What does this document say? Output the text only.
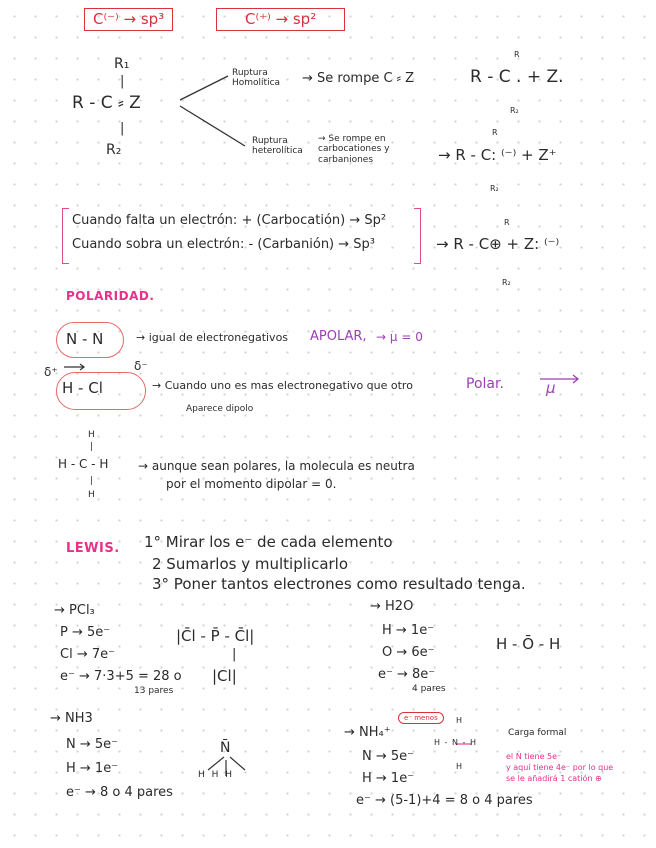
C⁽⁻⁾ → sp³	C⁽⁺⁾ → sp²
R₁
|
R - C ⸗ Z
|
R₂
Ruptura Homolítica	→ Se rompe C ⸗ Z
R
R - C . + Z.
R₂
Ruptura heterolítica
→ Se rompe en carbocationes y carbaniones
R
→ R - C: ⁽⁻⁾ + Z⁺
R₂
Cuando falta un electrón: + (Carbocatión) → Sp²
Cuando sobra un electrón: - (Carbanión) → Sp³
R
→ R - C⊕ + Z: ⁽⁻⁾
R₂
POLARIDAD.
N - N	→ igual de electronegativos APOLAR, → μ = 0
δ⁺	δ⁻
H - Cl	→ Cuando uno es mas electronegativo que otro	Polar.	μ
Aparece dipolo
H
|
H - C - H
|
H
→ aunque sean polares, la molecula es neutra
por el momento dipolar = 0.
LEWIS. 1° Mirar los e⁻ de cada elemento
2 Sumarlos y multiplicarlo
3° Poner tantos electrones como resultado tenga.
→ PCl₃
P → 5e⁻
Cl → 7e⁻
e⁻ → 7·3+5 = 28 o
13 pares
|C̄l - P̄ - C̄l|
|
|Cl|
→ H2O
H → 1e⁻
O → 6e⁻
e⁻ → 8e⁻
4 pares
H - Ō - H
→ NH3
N → 5e⁻
H → 1e⁻
e⁻ → 8 o 4 pares
N̄
H H H
→ NH₄⁺
e⁻ menos
N → 5e⁻
H → 1e⁻
e⁻ → (5-1)+4 = 8 o 4 pares
H
H - N - H
H
Carga formal
el N tiene 5e⁻
y aquí tiene 4e⁻ por lo que
se le añadirá 1 catión ⊕
